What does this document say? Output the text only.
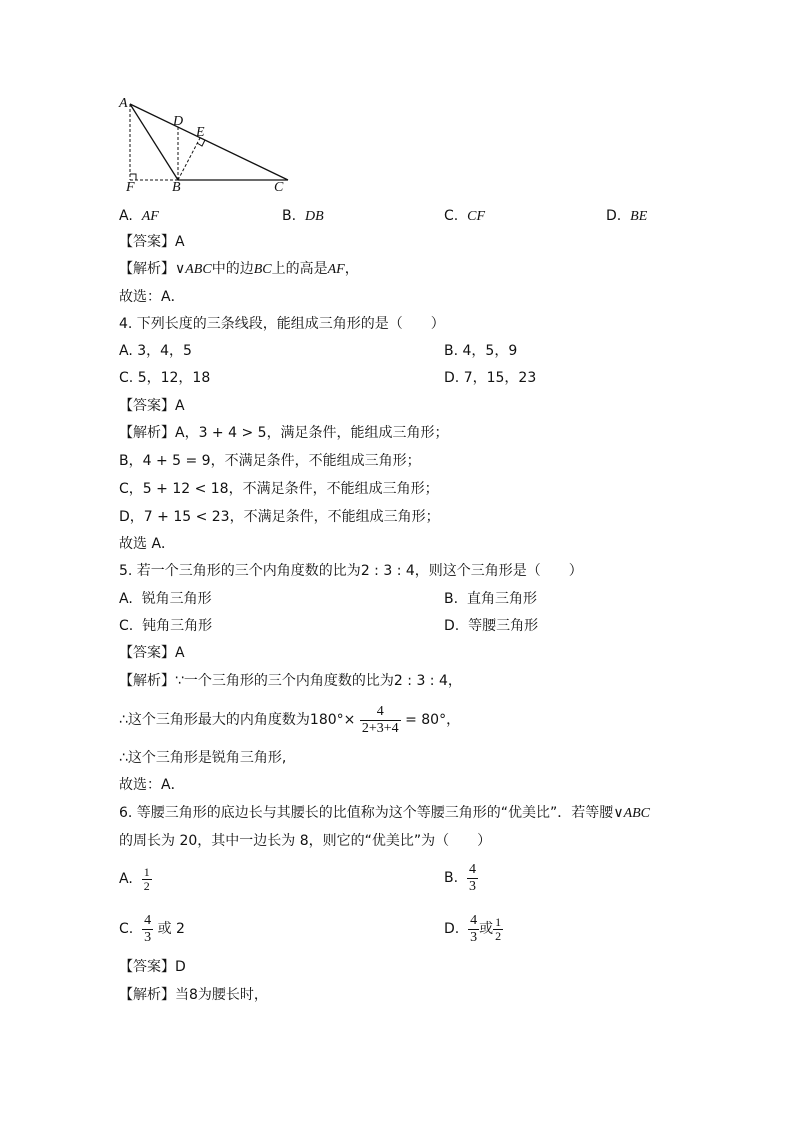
A
D
E
F	B	C
A. AF	B. DB	C. CF	D. BE
【答案】A
【解析】∨ABC中的边BC上的高是AF，
故选：A．
4. 下列长度的三条线段，能组成三角形的是（　　）
A. 3，4，5	B. 4，5，9
C. 5，12，18	D. 7，15，23
【答案】A
【解析】A，3 + 4 > 5，满足条件，能组成三角形；
B，4 + 5 = 9，不满足条件，不能组成三角形；
C，5 + 12 < 18，不满足条件，不能组成三角形；
D，7 + 15 < 23，不满足条件，不能组成三角形；
故选 A．
5. 若一个三角形的三个内角度数的比为2 : 3 : 4，则这个三角形是（　　）
A. 锐角三角形	B. 直角三角形
C. 钝角三角形	D. 等腰三角形
【答案】A
【解析】∵一个三角形的三个内角度数的比为2 : 3 : 4，
∴这个三角形最大的内角度数为$180^\circ\times \frac{4}{2+3+4} = 80^\circ$，
∴这个三角形是锐角三角形,
故选：A．
6. 等腰三角形的底边长与其腰长的比值称为这个等腰三角形的“优美比”．若等腰∨ABC
的周长为 20，其中一边长为 8，则它的“优美比”为（　　）
A. $\frac{1}{2}$	B. $\frac{4}{3}$
C. $\frac{4}{3}$ 或 2	D. $\frac{4}{3}$ 或 $\frac{1}{2}$
【答案】D
【解析】当8为腰长时，
